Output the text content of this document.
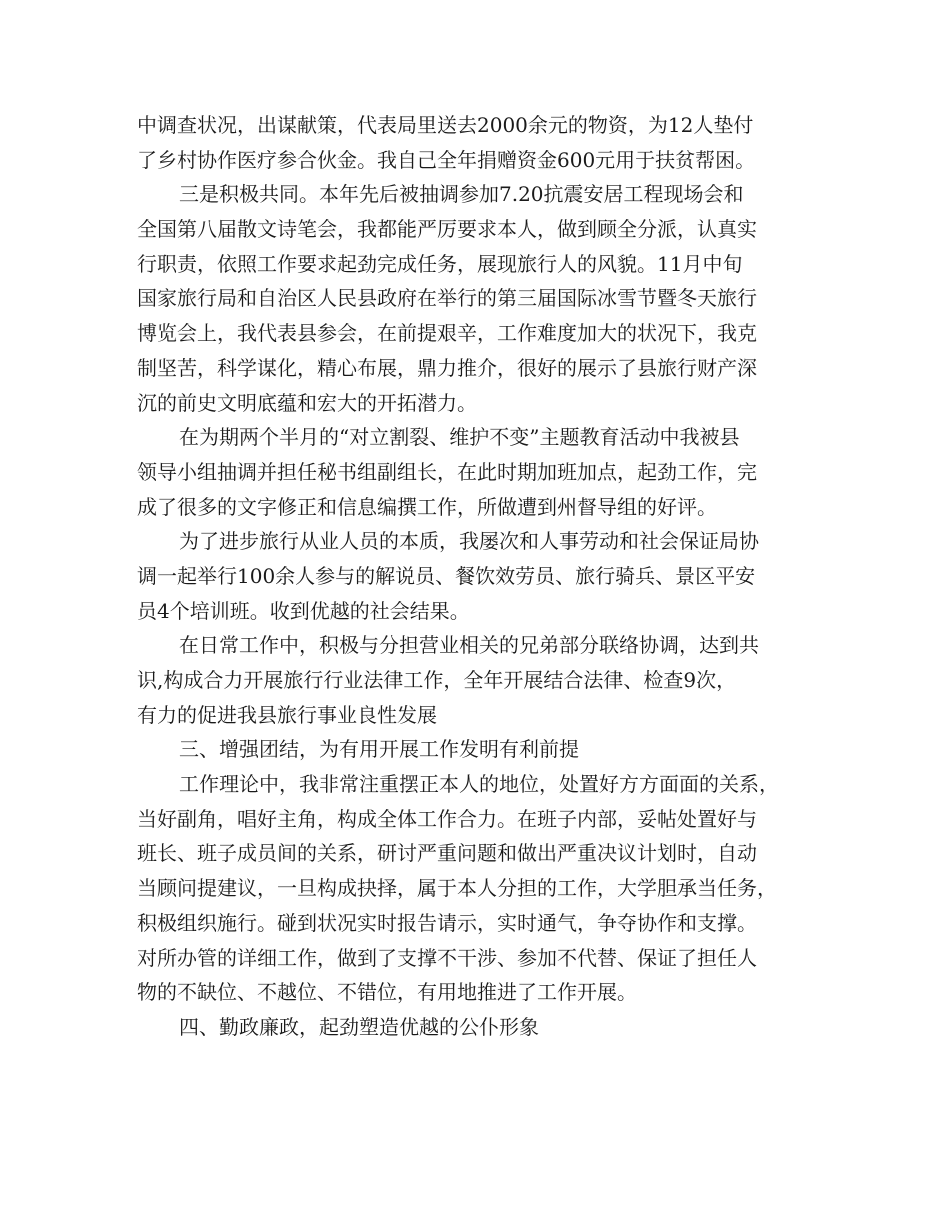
中调查状况，出谋献策，代表局里送去2000余元的物资，为12人垫付
了乡村协作医疗参合伙金。我自己全年捐赠资金600元用于扶贫帮困。
三是积极共同。本年先后被抽调参加7.20抗震安居工程现场会和
全国第八届散文诗笔会，我都能严厉要求本人，做到顾全分派，认真实
行职责，依照工作要求起劲完成任务，展现旅行人的风貌。11月中旬
国家旅行局和自治区人民县政府在举行的第三届国际冰雪节暨冬天旅行
博览会上，我代表县参会，在前提艰辛，工作难度加大的状况下，我克
制坚苦，科学谋化，精心布展，鼎力推介，很好的展示了县旅行财产深
沉的前史文明底蕴和宏大的开拓潜力。
在为期两个半月的“对立割裂、维护不变”主题教育活动中我被县
领导小组抽调并担任秘书组副组长，在此时期加班加点，起劲工作，完
成了很多的文字修正和信息编撰工作，所做遭到州督导组的好评。
为了进步旅行从业人员的本质，我屡次和人事劳动和社会保证局协
调一起举行100余人参与的解说员、餐饮效劳员、旅行骑兵、景区平安
员4个培训班。收到优越的社会结果。
在日常工作中，积极与分担营业相关的兄弟部分联络协调，达到共
识,构成合力开展旅行行业法律工作，全年开展结合法律、检查9次，
有力的促进我县旅行事业良性发展
三、增强团结，为有用开展工作发明有利前提
工作理论中，我非常注重摆正本人的地位，处置好方方面面的关系，
当好副角，唱好主角，构成全体工作合力。在班子内部，妥帖处置好与
班长、班子成员间的关系，研讨严重问题和做出严重决议计划时，自动
当顾问提建议，一旦构成抉择，属于本人分担的工作，大学胆承当任务，
积极组织施行。碰到状况实时报告请示，实时通气，争夺协作和支撑。
对所办管的详细工作，做到了支撑不干涉、参加不代替、保证了担任人
物的不缺位、不越位、不错位，有用地推进了工作开展。
四、勤政廉政，起劲塑造优越的公仆形象
